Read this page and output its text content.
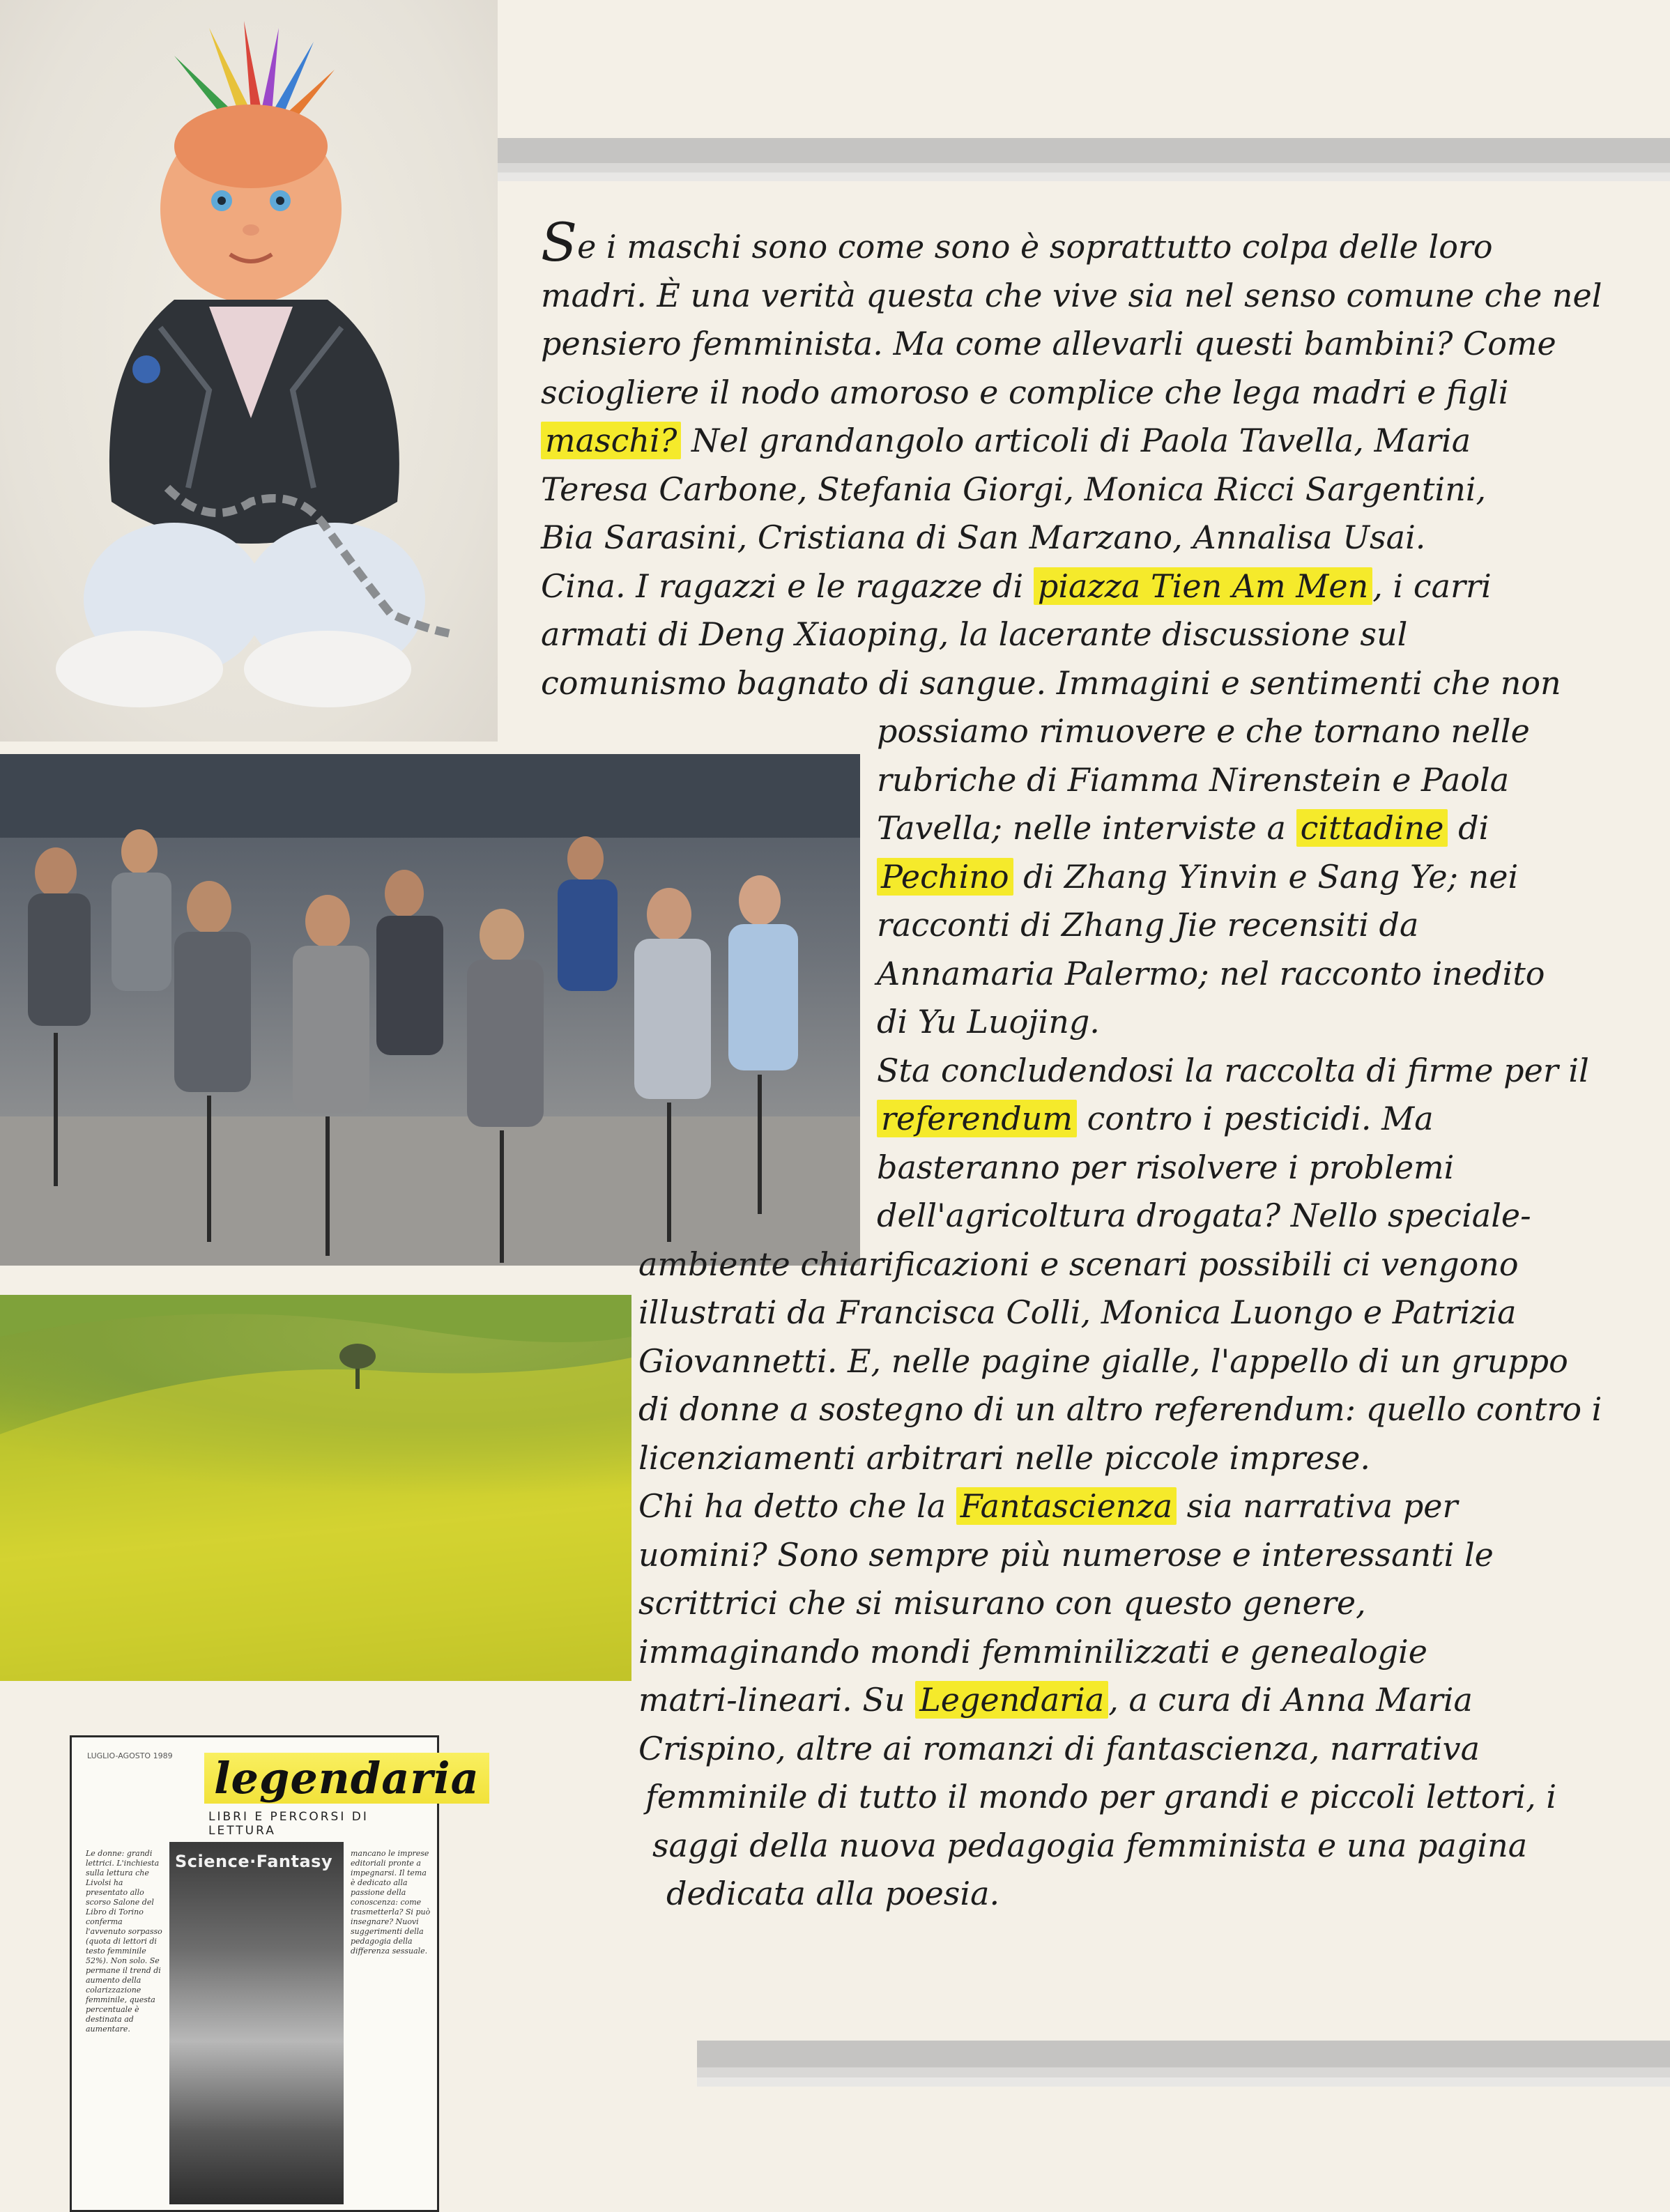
LUGLIO-AGOSTO 1989 legendaria
LIBRI E PERCORSI DI LETTURA
Le donne: grandi lettrici. L'inchiesta sulla lettura che Livolsi ha presentato allo scorso Salone del Libro di Torino conferma l'avvenuto sorpasso (quota di lettori di testo femminile 52%). Non solo. Se permane il trend di aumento della colarizzazione femminile, questa percentuale è destinata ad aumentare.
Science·Fantasy mancano le imprese editoriali pronte a impegnarsi. Il tema è dedicato alla passione della conoscenza: come trasmetterla? Si può insegnare? Nuovi suggerimenti della pedagogia della differenza sessuale.
Se i maschi sono come sono è soprattutto colpa delle loro
madri. È una verità questa che vive sia nel senso comune che nel
pensiero femminista. Ma come allevarli questi bambini? Come
sciogliere il nodo amoroso e complice che lega madri e figli
maschi? Nel grandangolo articoli di Paola Tavella, Maria
Teresa Carbone, Stefania Giorgi, Monica Ricci Sargentini,
Bia Sarasini, Cristiana di San Marzano, Annalisa Usai.
Cina. I ragazzi e le ragazze di piazza Tien Am Men , i carri
armati di Deng Xiaoping, la lacerante discussione sul
comunismo bagnato di sangue. Immagini e sentimenti che non
possiamo rimuovere e che tornano nelle
rubriche di Fiamma Nirenstein e Paola
Tavella; nelle interviste a cittadine di
Pechino di Zhang Yinvin e Sang Ye; nei
racconti di Zhang Jie recensiti da
Annamaria Palermo; nel racconto inedito
di Yu Luojing.
Sta concludendosi la raccolta di firme per il
referendum contro i pesticidi. Ma
basteranno per risolvere i problemi
dell'agricoltura drogata? Nello speciale-
ambiente chiarificazioni e scenari possibili ci vengono
illustrati da Francisca Colli, Monica Luongo e Patrizia
Giovannetti. E, nelle pagine gialle, l'appello di un gruppo
di donne a sostegno di un altro referendum: quello contro i
licenziamenti arbitrari nelle piccole imprese.
Chi ha detto che la Fantascienza sia narrativa per
uomini? Sono sempre più numerose e interessanti le
scrittrici che si misurano con questo genere,
immaginando mondi femminilizzati e genealogie
matri-lineari. Su Legendaria , a cura di Anna Maria
Crispino, altre ai romanzi di fantascienza, narrativa
femminile di tutto il mondo per grandi e piccoli lettori, i
saggi della nuova pedagogia femminista e una pagina
dedicata alla poesia.
